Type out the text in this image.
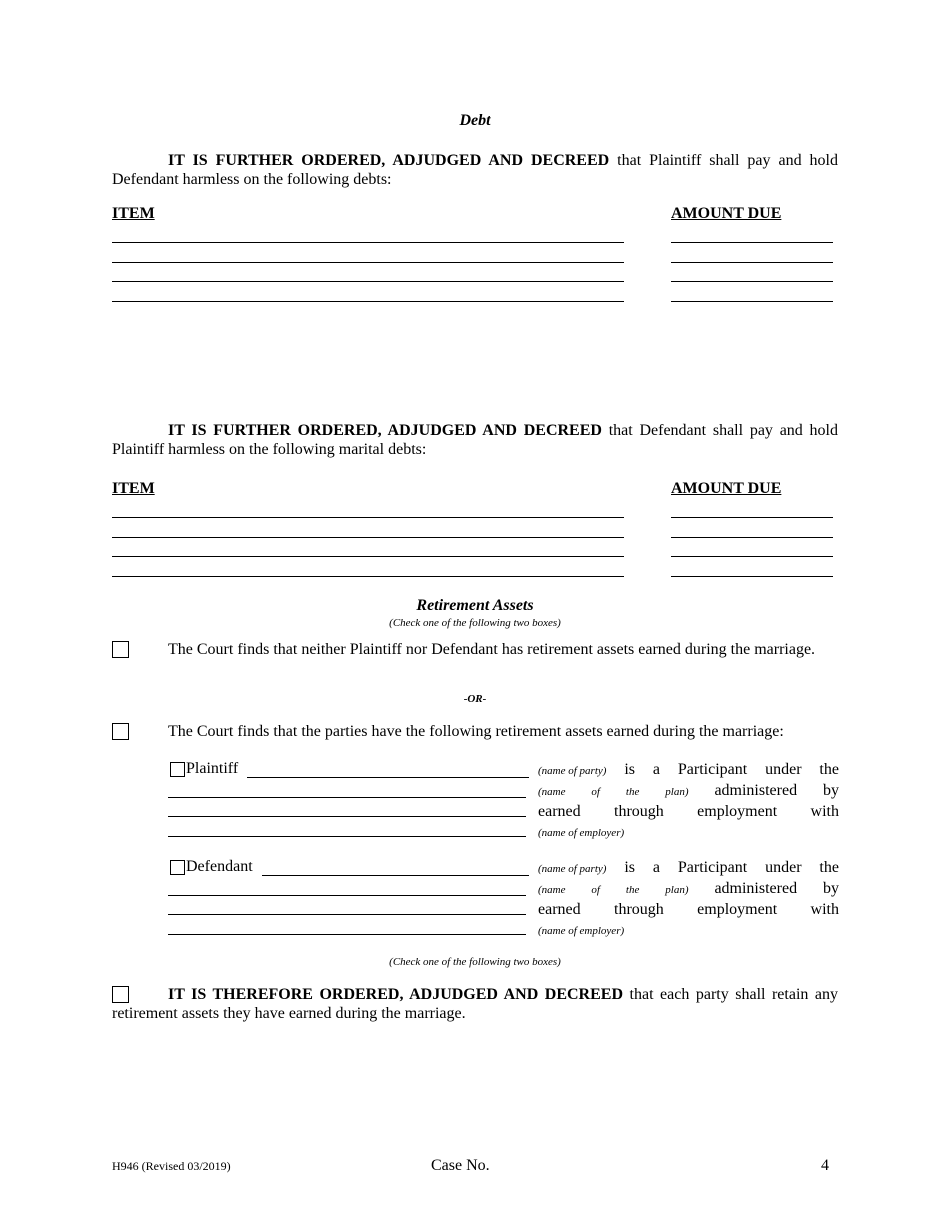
Debt
IT IS FURTHER ORDERED, ADJUDGED AND DECREED that Plaintiff shall pay and hold Defendant harmless on the following debts:
ITEM	AMOUNT DUE
IT IS FURTHER ORDERED, ADJUDGED AND DECREED that Defendant shall pay and hold Plaintiff harmless on the following marital debts:
ITEM	AMOUNT DUE
Retirement Assets
(Check one of the following two boxes)
The Court finds that neither Plaintiff nor Defendant has retirement assets earned during the marriage.
-OR-
The Court finds that the parties have the following retirement assets earned during the marriage:
Plaintiff	(name of party) is a Participant under the
(name of the plan) administered by
earned through employment with
(name of employer)
Defendant	(name of party) is a Participant under the
(name of the plan) administered by
earned through employment with
(name of employer)
(Check one of the following two boxes)
IT IS THEREFORE ORDERED, ADJUDGED AND DECREED that each party shall retain any retirement assets they have earned during the marriage.
H946 (Revised 03/2019)	Case No.	4
